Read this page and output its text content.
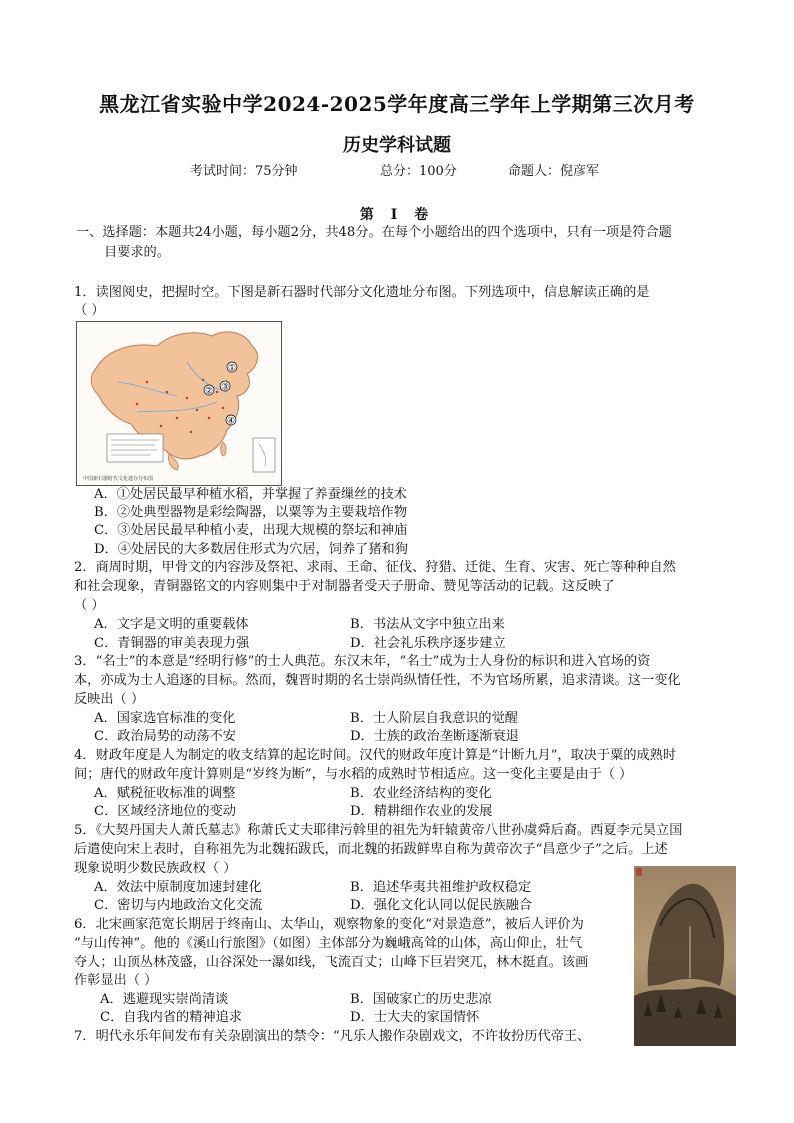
黑龙江省实验中学2024-2025学年度高三学年上学期第三次月考
历史学科试题
考试时间：75分钟	总分：100分	命题人：倪彦军
第 Ⅰ 卷
一、选择题：本题共24小题，每小题2分，共48分。在每个小题给出的四个选项中，只有一项是符合题
目要求的。
1．读图阅史，把握时空。下图是新石器时代部分文化遗址分布图。下列选项中，信息解读正确的是
（ ）
①
② ③
④
中国新石器时代文化遗存分布图
A．①处居民最早种植水稻，并掌握了养蚕缫丝的技术
B．②处典型器物是彩绘陶器，以粟等为主要栽培作物
C．③处居民最早种植小麦，出现大规模的祭坛和神庙
D．④处居民的大多数居住形式为穴居，饲养了猪和狗
2．商周时期，甲骨文的内容涉及祭祀、求雨、王命、征伐、狩猎、迁徙、生育、灾害、死亡等种种自然
和社会现象，青铜器铭文的内容则集中于对制器者受天子册命、赞见等活动的记载。这反映了
（ ）
A．文字是文明的重要载体	B．书法从文字中独立出来
C．青铜器的审美表现力强	D．社会礼乐秩序逐步建立
3．“名士”的本意是“经明行修”的士人典范。东汉末年，“名士”成为士人身份的标识和进入官场的资
本，亦成为士人追逐的目标。然而，魏晋时期的名士崇尚纵情任性，不为官场所累，追求清谈。这一变化
反映出（ ）
A．国家选官标准的变化	B．士人阶层自我意识的觉醒
C．政治局势的动荡不安	D．士族的政治垄断逐渐衰退
4．财政年度是人为制定的收支结算的起讫时间。汉代的财政年度计算是“计断九月”，取决于粟的成熟时
间；唐代的财政年度计算则是“岁终为断”，与水稻的成熟时节相适应。这一变化主要是由于（ ）
A．赋税征收标准的调整	B．农业经济结构的变化
C．区域经济地位的变动	D．精耕细作农业的发展
5．《大契丹国夫人萧氏墓志》称萧氏丈夫耶律污斡里的祖先为轩辕黄帝八世孙虞舜后裔。西夏李元昊立国
后遣使向宋上表时，自称祖先为北魏拓跋氏，而北魏的拓跋鲜卑自称为黄帝次子“昌意少子”之后。上述
现象说明少数民族政权（ ）
A．效法中原制度加速封建化	B．追述华夷共祖维护政权稳定
C．密切与内地政治文化交流	D．强化文化认同以促民族融合
6．北宋画家范宽长期居于终南山、太华山，观察物象的变化“对景造意”，被后人评价为
“与山传神”。他的《溪山行旅图》（如图）主体部分为巍峨高耸的山体，高山仰止，壮气
夺人；山顶丛林茂盛，山谷深处一瀑如线，飞流百丈；山峰下巨岩突兀，林木挺直。该画
作彰显出（ ）
A．逃避现实崇尚清谈	B．国破家亡的历史悲凉
C．自我内省的精神追求	D．士大夫的家国情怀
7．明代永乐年间发布有关杂剧演出的禁令：“凡乐人搬作杂剧戏文，不许妆扮历代帝王、
